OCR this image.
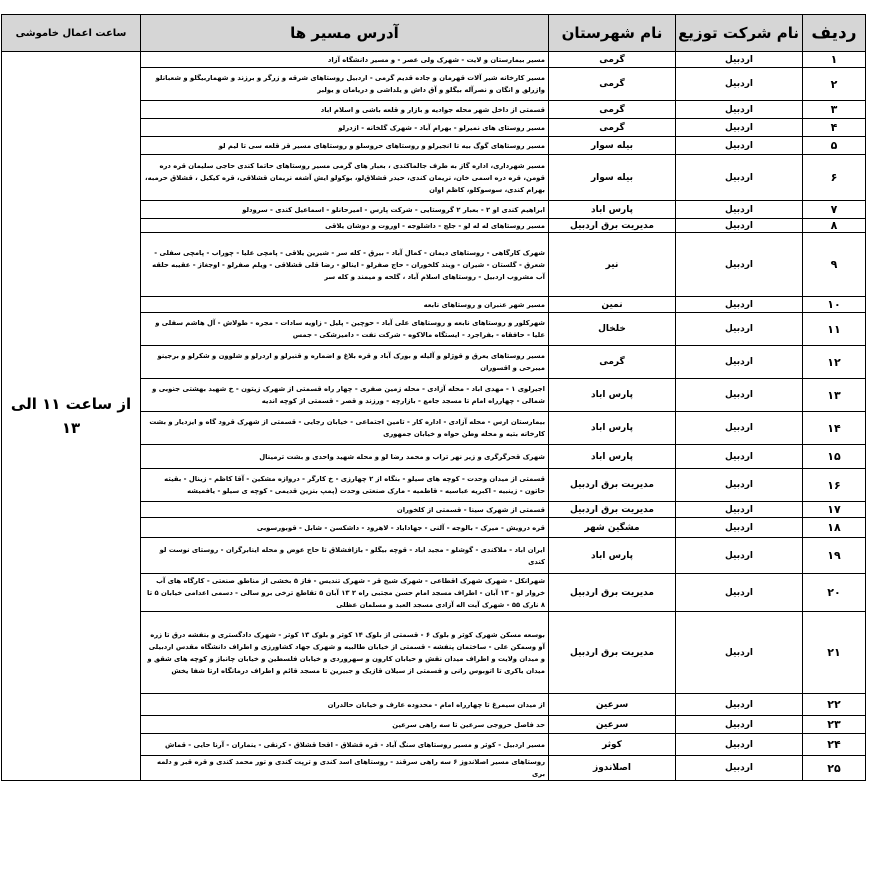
ردیف	نام شرکت توزیع	نام شهرستان	آدرس مسیر ها	ساعت اعمال خاموشی
۱	اردبیل	گرمی	مسیر بیمارستان و لایت - شهرک ولی عصر - و مسیر دانشگاه آزاد	از ساعت ۱۱ الی ۱۳
۲	اردبیل	گرمی	مسیر کارخانه شیر آلات قهرمان و جاده قدیم گرمی - اردبیل روستاهای شرقه و زرگر و برزند و شهماربیگلو و شعبانلو وازرلق و انگان و نصرآله بیگلو و آق داش و یلداشی و دریامان و یولبر	
۳	اردبیل	گرمی	قسمتی از داخل شهر محله جوادیه و بازار و قلعه باشی و اسلام اباد	
۴	اردبیل	گرمی	مسیر روستای های نمیرلو - بهرام آباد - شهرک گلخانه - ازدرلو	
۵	اردبیل	بیله سوار	مسیر روستاهای گوگ بیه تا انجیرلو و روستاهای حروسلو و روستاهای مسیر قز قلعه سی تا لیم لو	
۶	اردبیل	بیله سوار	مسیر شهرداری، اداره گاز به طرف جالماکندی ، بعبار های گرمی مسیر روستاهای حاتما کندی حاجی سلیمان قره دره قومن، قره دره اسمی خان، نریمان کندی، حیدر قشلاق‌لو، بوکولو ایش آشغه نریمان قشلاقی، قره کیکیل ، قشلاق حرمبه، بهرام کندی، سوسوکلو، کاظم اوان	
۷	اردبیل	پارس اباد	ابراهیم کندی او ۲ - بعبار ۲ گروستایی - شرکت پارس - امیرحانلو - اسماعیل کندی - سرودلو	
۸	اردبیل	مدیریت برق اردبیل	مسیر روستاهای له له لو - جلج - داشلوجه - اوروت و دوشان یلاقی	
۹	اردبیل	نیر	شهرک کارگاهی - روستاهای دیمان - کمال آباد - بیرق - کله سر - شیرین یلاقی - پامچی علیا - چوراب - پامچی سفلی - شعرق - گلستان - شیران - ویند کلخوران - حاج صفرلو - اینالو - رضا قلی قشلاقی - ویلم صفرلو - اوجغاز - عقیبه حلقه آب مشروب اردبیل - روستاهای اسلام آباد ، گلحه و میمند و کله سر	
۱۰	اردبیل	نمین	مسیر شهر عنبران و روستاهای نابعه	
۱۱	اردبیل	خلخال	شهرکلور و روستاهای نابعه و روستاهای علی آباد - حوچین - پلیل - زاویه سادات - مجره - طولاش - آل هاشم سفلی و علیا - حافقاه - بفراجرد - ایستگاه مالاکوه - شرکت نفت - دامیزشکی - جمس	
۱۲	اردبیل	گرمی	مسیر روستاهای یعرق و قوژلو و آلیله و بورک آباد و قره بلاغ و اضماره و قنبرلو و اردرلو و شلوون و شکرلو و برجینو میبرحی و اقسوران	
۱۳	اردبیل	پارس اباد	اجیرلوی ۱ - مهدی اباد - محله آزادی - محله زمین صفری - چهار راه قسمتی از شهرک زیتون - خ شهید بهشتی جنوبی و شمالی - چهارراه امام تا مسجد جامع - بازارچه - ورزند و قصر - قسمتی از کوچه اندیه	
۱۴	اردبیل	پارس اباد	بیمارستان ارس - محله آزادی - اداره کار - تامین اجتماعی - خیابان رجایی - قسمتی از شهرک قرود گاه و ایزدیار و بشت کارخانه بتیه و محله وطن حواه و خیابان جمهوری	
۱۵	اردبیل	پارس اباد	شهرک قحرگرگری و زیر نهر تراب و محمد رضا لو و محله شهید واحدی و بشت ترمینال	
۱۶	اردبیل	مدیریت برق اردبیل	قسمتی از میدان وحدت - کوچه های سیلو - بنگاه از ۲ چهارزی - خ کارگر - دروازه مشکین - آقا کاظم - زینال - بقیته حاتون - زینبیه - اکبریه عباسیه - قاطمیه - مارک صنعتی وحدت (پمپ بنزین قدیمی - کوچه ی سیلو - یافمیشه	
۱۷	اردبیل	مدیریت برق اردبیل	قسمتی از شهرک سینا - قسمتی از کلخوران	
۱۸	اردبیل	مشگین شهر	قره درویش - میرک - بالوجه - آلنی - جهاداباد - لاهرود - داشکسن - شابل - قوبورسوبی	
۱۹	اردبیل	پارس اباد	ایران اباد - ملاکندی - گوشلو - مجید اباد - قوچه بیگلو - بازافشلاق تا حاج عوض و محله اینابرگران - روستای نوست لو کندی	
۲۰	اردبیل	مدیریت برق اردبیل	شهرانکل - شهرک شهرک اقطاعی - شهرک شیخ قر - شهرک تندیس - فاز ۵ بخشی از مناطق صنعتی - کارگاه های آب خروار لو - ۱۳ آبان - اطراف مسجد امام حسن مجتبی راه ۲ ۱۳ آبان ۵ تقاطع ترخی برو سالی - دسمی اعدامی خیابان ۵ تا ۸ نارک ۵۵ - شهرک آیت اله آزادی مسجد العبد و مسلمان عظلی	
۲۱	اردبیل	مدیریت برق اردبیل	بوسعه مسکن شهرک کوثر و بلوک ۶ - قسمتی از بلوک ۱۴ کوثر و بلوک ۱۳ کوثر - شهرک دادگستری و بنفشه درق تا زره آو وسمکن علی - ساختمان پنفشه - قسمتی از خیابان طالبیه و شهرک جهاد کشاورزی و اطراف دانشگاه مقدس اردبیلی و میدان ولایت و اطراف میدان نقش و حیابان کارون و سهروردی و خیابان فلسطین و خیابان چانباز و کوچه های شقق و میدان یاکری تا اتوبوس رانی و قسمتی از سیلان قازیک و جبیرین تا مسجد قائم و اطراف درمانگاه ارتا شفا یخش	
۲۲	اردبیل	سرعین	از میدان سیمرغ تا چهارراه امام - محدوده عارف و خیابان حالدران	
۲۳	اردبیل	سرعین	حد فاصل حروجی سرعین تا سه راهی سرعین	
۲۴	اردبیل	کوثر	مسیر اردبیل - کوثر و مسیر روستاهای سنگ آباد - قره قشلاق - اقحا قشلاق - کرنقی - ینماران - آرنا حایی - قماش	
۲۵	اردبیل	اصلاندوز	روستاهای مسیر اصلاندوز ۶ سه راهی سرقند - روستاهای اسد کندی و ترپت کندی و تور محمد کندی و قره قبر و دلمه بری	
